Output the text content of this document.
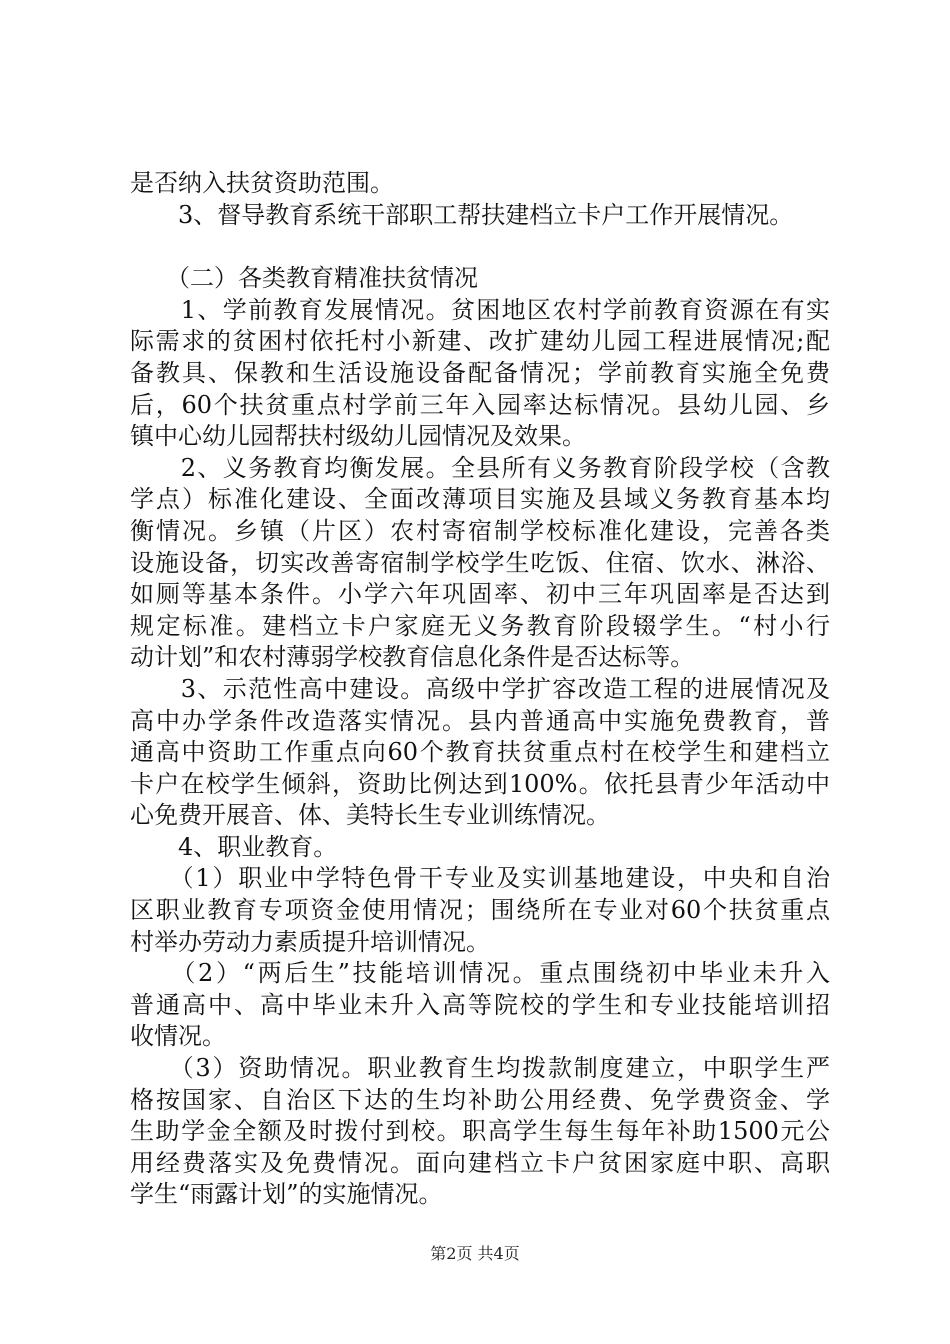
是否纳入扶贫资助范围。
　　3、督导教育系统干部职工帮扶建档立卡户工作开展情况。
　　（二）各类教育精准扶贫情况
　　1、学前教育发展情况。贫困地区农村学前教育资源在有实
际需求的贫困村依托村小新建、改扩建幼儿园工程进展情况;配
备教具、保教和生活设施设备配备情况；学前教育实施全免费
后，60个扶贫重点村学前三年入园率达标情况。县幼儿园、乡
镇中心幼儿园帮扶村级幼儿园情况及效果。
　　2、义务教育均衡发展。全县所有义务教育阶段学校（含教
学点）标准化建设、全面改薄项目实施及县域义务教育基本均
衡情况。乡镇（片区）农村寄宿制学校标准化建设，完善各类
设施设备，切实改善寄宿制学校学生吃饭、住宿、饮水、淋浴、
如厕等基本条件。小学六年巩固率、初中三年巩固率是否达到
规定标准。建档立卡户家庭无义务教育阶段辍学生。“村小行
动计划”和农村薄弱学校教育信息化条件是否达标等。
　　3、示范性高中建设。高级中学扩容改造工程的进展情况及
高中办学条件改造落实情况。县内普通高中实施免费教育，普
通高中资助工作重点向60个教育扶贫重点村在校学生和建档立
卡户在校学生倾斜，资助比例达到100%。依托县青少年活动中
心免费开展音、体、美特长生专业训练情况。
　　4、职业教育。
　　（1）职业中学特色骨干专业及实训基地建设，中央和自治
区职业教育专项资金使用情况；围绕所在专业对60个扶贫重点
村举办劳动力素质提升培训情况。
　　（2）“两后生”技能培训情况。重点围绕初中毕业未升入
普通高中、高中毕业未升入高等院校的学生和专业技能培训招
收情况。
　　（3）资助情况。职业教育生均拨款制度建立，中职学生严
格按国家、自治区下达的生均补助公用经费、免学费资金、学
生助学金全额及时拨付到校。职高学生每生每年补助1500元公
用经费落实及免费情况。面向建档立卡户贫困家庭中职、高职
学生“雨露计划”的实施情况。
第2页 共4页
